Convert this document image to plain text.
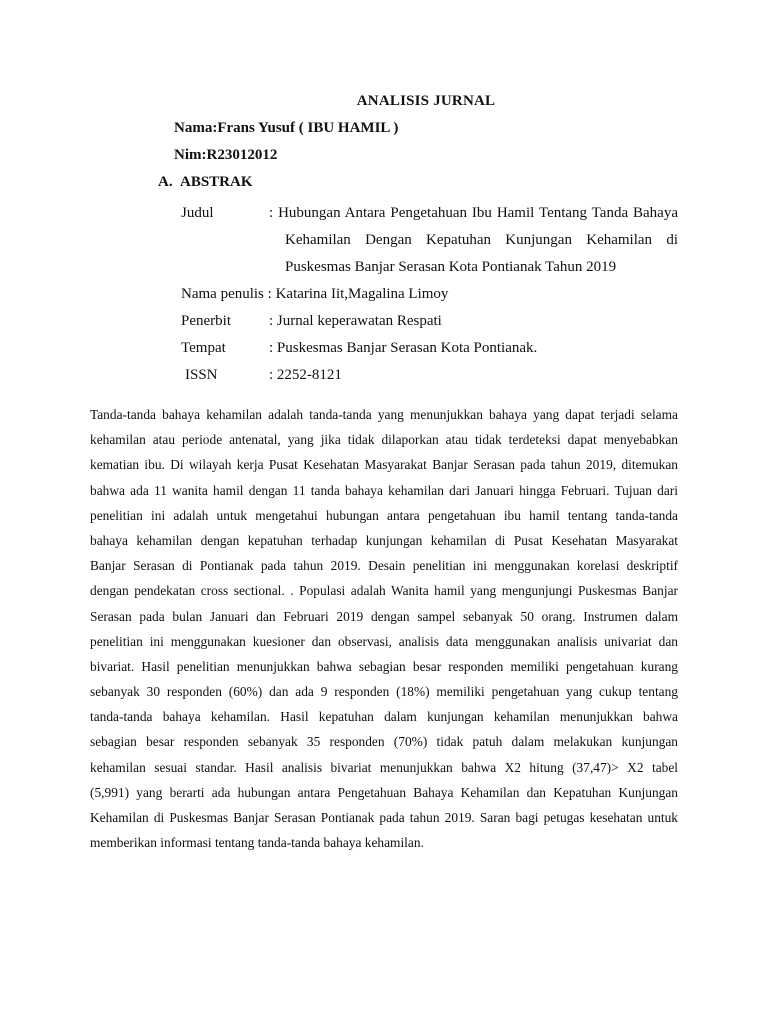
ANALISIS JURNAL
Nama:Frans Yusuf ( IBU HAMIL )
Nim:R23012012
A. ABSTRAK
Judul	: Hubungan Antara Pengetahuan Ibu Hamil Tentang Tanda Bahaya
Kehamilan Dengan Kepatuhan Kunjungan Kehamilan di
Puskesmas Banjar Serasan Kota Pontianak Tahun 2019
Nama penulis : Katarina Iit,Magalina Limoy
Penerbit	: Jurnal keperawatan Respati
Tempat	: Puskesmas Banjar Serasan Kota Pontianak.
ISSN	: 2252-8121
Tanda-tanda bahaya kehamilan adalah tanda-tanda yang menunjukkan bahaya yang dapat terjadi selama
kehamilan atau periode antenatal, yang jika tidak dilaporkan atau tidak terdeteksi dapat menyebabkan
kematian ibu. Di wilayah kerja Pusat Kesehatan Masyarakat Banjar Serasan pada tahun 2019, ditemukan
bahwa ada 11 wanita hamil dengan 11 tanda bahaya kehamilan dari Januari hingga Februari. Tujuan dari
penelitian ini adalah untuk mengetahui hubungan antara pengetahuan ibu hamil tentang tanda-tanda
bahaya kehamilan dengan kepatuhan terhadap kunjungan kehamilan di Pusat Kesehatan Masyarakat
Banjar Serasan di Pontianak pada tahun 2019. Desain penelitian ini menggunakan korelasi deskriptif
dengan pendekatan cross sectional. . Populasi adalah Wanita hamil yang mengunjungi Puskesmas Banjar
Serasan pada bulan Januari dan Februari 2019 dengan sampel sebanyak 50 orang. Instrumen dalam
penelitian ini menggunakan kuesioner dan observasi, analisis data menggunakan analisis univariat dan
bivariat. Hasil penelitian menunjukkan bahwa sebagian besar responden memiliki pengetahuan kurang
sebanyak 30 responden (60%) dan ada 9 responden (18%) memiliki pengetahuan yang cukup tentang
tanda-tanda bahaya kehamilan. Hasil kepatuhan dalam kunjungan kehamilan menunjukkan bahwa
sebagian besar responden sebanyak 35 responden (70%) tidak patuh dalam melakukan kunjungan
kehamilan sesuai standar. Hasil analisis bivariat menunjukkan bahwa X2 hitung (37,47)> X2 tabel
(5,991) yang berarti ada hubungan antara Pengetahuan Bahaya Kehamilan dan Kepatuhan Kunjungan
Kehamilan di Puskesmas Banjar Serasan Pontianak pada tahun 2019. Saran bagi petugas kesehatan untuk
memberikan informasi tentang tanda-tanda bahaya kehamilan.
